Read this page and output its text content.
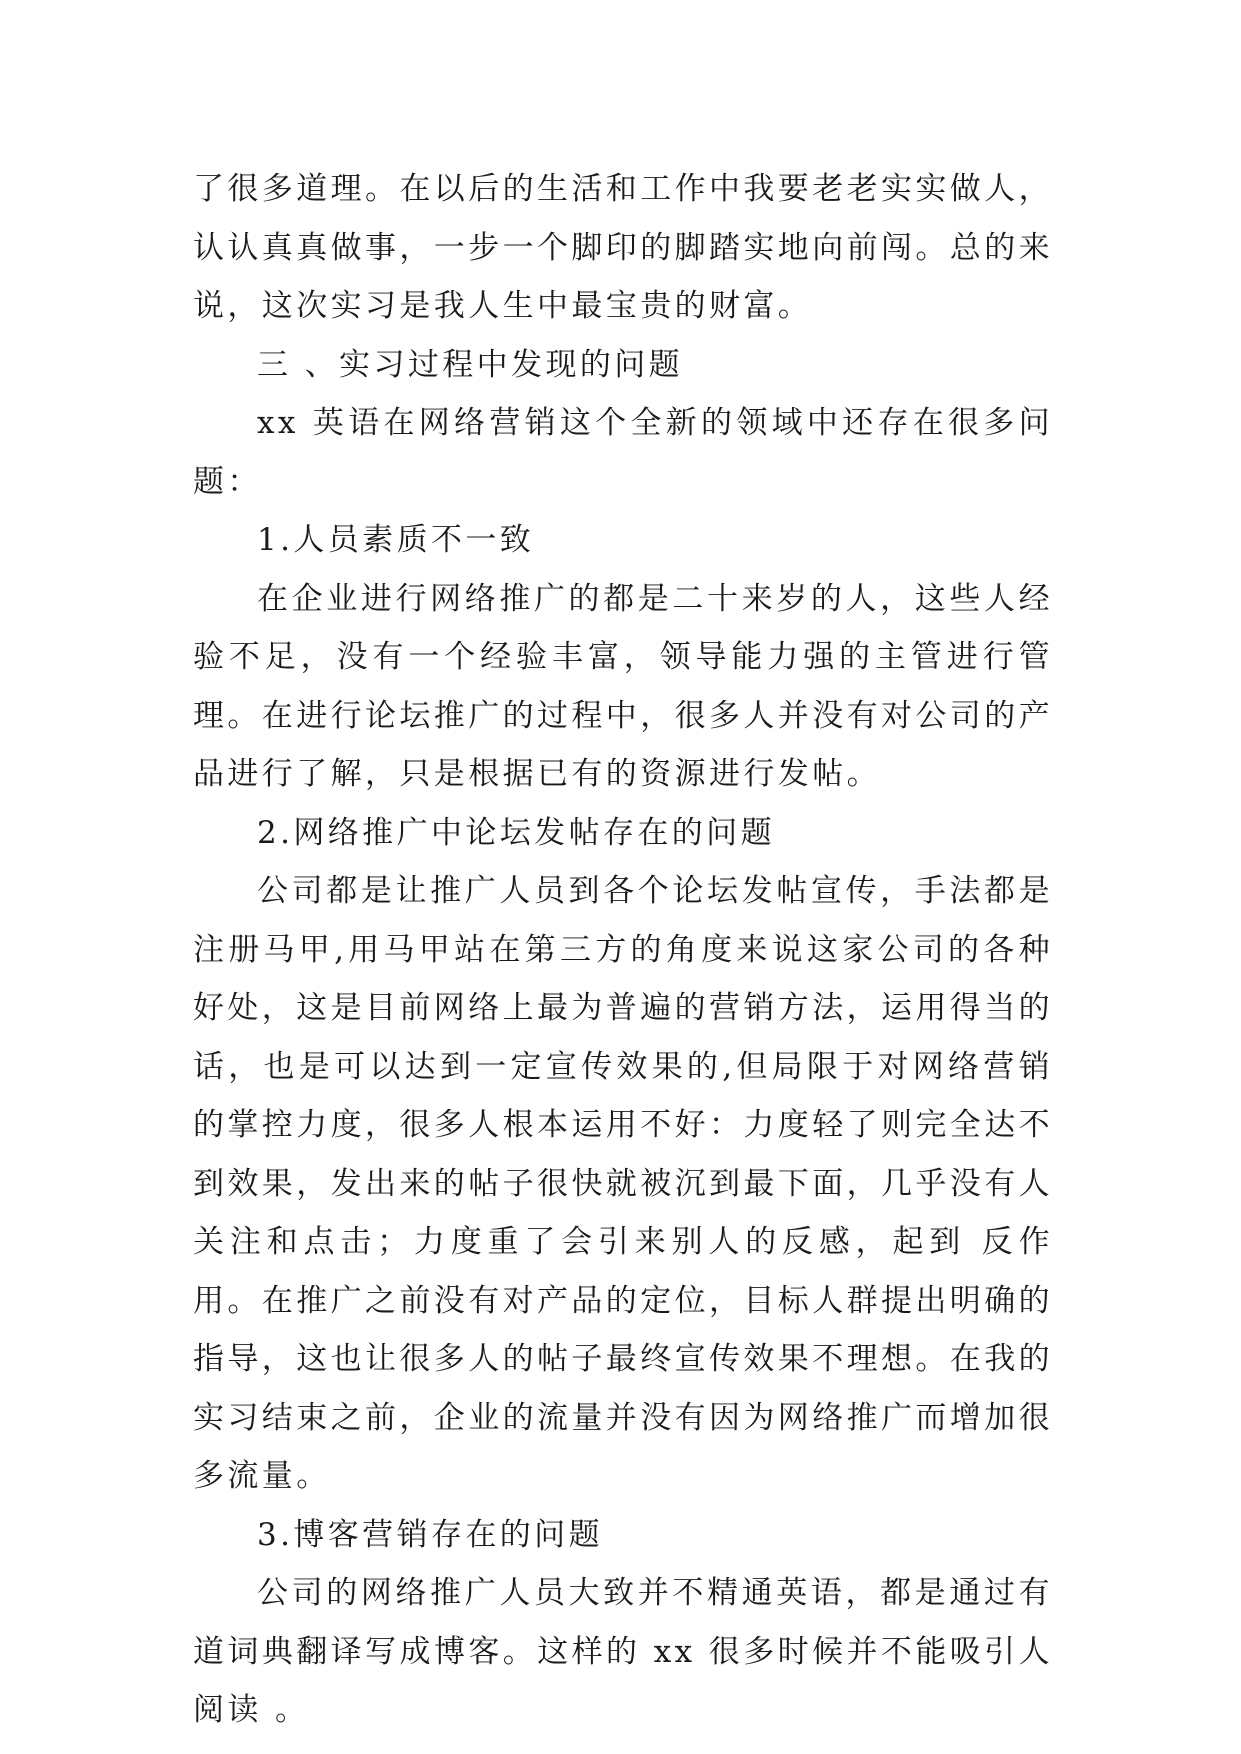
了很多道理。在以后的生活和工作中我要老老实实做人，认认真真做事，一步一个脚印的脚踏实地向前闯。总的来说，这次实习是我人生中最宝贵的财富。

三 、实习过程中发现的问题

xx 英语在网络营销这个全新的领域中还存在很多问题：

1.人员素质不一致

在企业进行网络推广的都是二十来岁的人，这些人经验不足，没有一个经验丰富，领导能力强的主管进行管理。在进行论坛推广的过程中，很多人并没有对公司的产品进行了解，只是根据已有的资源进行发帖。

2.网络推广中论坛发帖存在的问题

公司都是让推广人员到各个论坛发帖宣传，手法都是注册马甲,用马甲站在第三方的角度来说这家公司的各种好处，这是目前网络上最为普遍的营销方法，运用得当的话，也是可以达到一定宣传效果的,但局限于对网络营销的掌控力度，很多人根本运用不好：力度轻了则完全达不到效果，发出来的帖子很快就被沉到最下面，几乎没有人关注和点击；力度重了会引来别人的反感，起到 反作用。在推广之前没有对产品的定位，目标人群提出明确的指导，这也让很多人的帖子最终宣传效果不理想。在我的实习结束之前，企业的流量并没有因为网络推广而增加很多流量。

3.博客营销存在的问题

公司的网络推广人员大致并不精通英语，都是通过有道词典翻译写成博客。这样的 xx 很多时候并不能吸引人阅读 。
